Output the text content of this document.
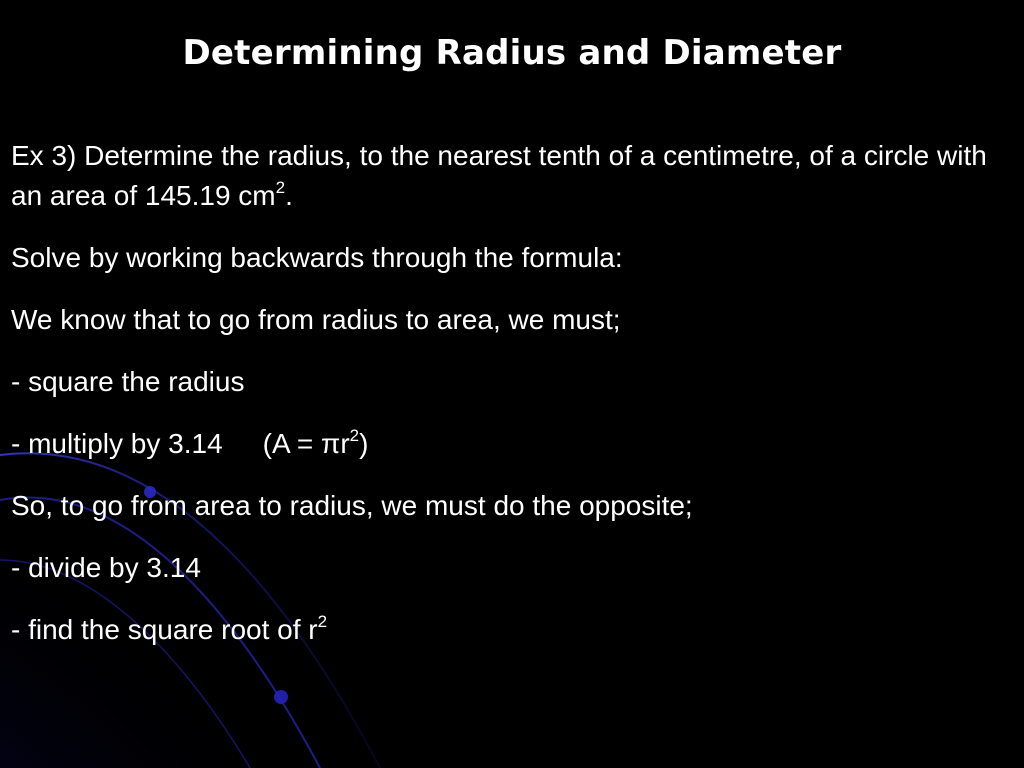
Determining Radius and Diameter

Ex 3) Determine the radius, to the nearest tenth of a centimetre, of a circle with an area of 145.19 $cm^2$.

Solve by working backwards through the formula:

We know that to go from radius to area, we must;

- square the radius

- multiply by 3.14 $(A = \pi r^2)$

So, to go from area to radius, we must do the opposite;

- divide by 3.14

- find the square root of $r^2$
